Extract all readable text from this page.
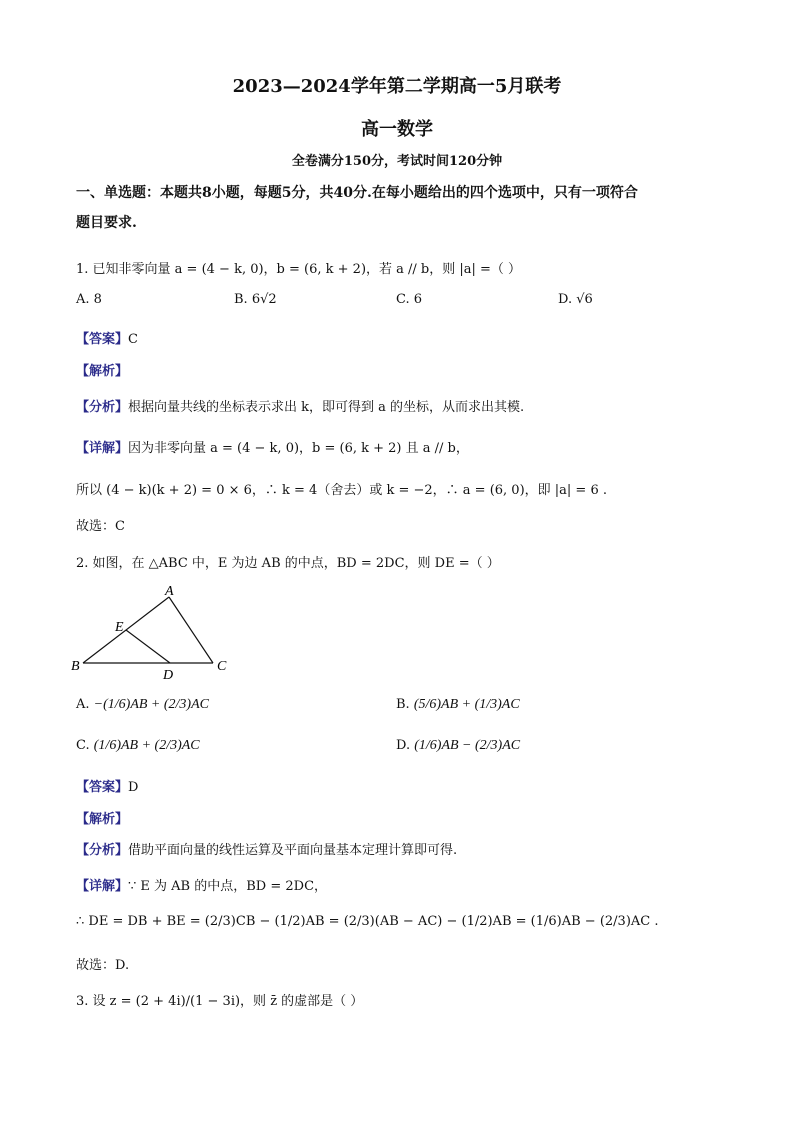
2023—2024学年第二学期高一5月联考
高一数学
全卷满分150分，考试时间120分钟
一、单选题：本题共8小题，每题5分，共40分.在每小题给出的四个选项中，只有一项符合
题目要求.
1. 已知非零向量 a = (4 − k, 0)，b = (6, k + 2)，若 a // b，则 |a| =（ ）
A. 8	B. 6√2	C. 6	D. √6
【答案】C
【解析】
【分析】根据向量共线的坐标表示求出 k，即可得到 a 的坐标，从而求出其模.
【详解】因为非零向量 a = (4 − k, 0)，b = (6, k + 2) 且 a // b，
所以 (4 − k)(k + 2) = 0 × 6，∴ k = 4（舍去）或 k = −2，∴ a = (6, 0)，即 |a| = 6 .
故选：C
2. 如图，在 △ABC 中，E 为边 AB 的中点，BD = 2DC，则 DE =（ ）
A
B	C
D
E
A. −(1/6)AB + (2/3)AC	B. (5/6)AB + (1/3)AC
C. (1/6)AB + (2/3)AC	D. (1/6)AB − (2/3)AC
【答案】D
【解析】
【分析】借助平面向量的线性运算及平面向量基本定理计算即可得.
【详解】∵ E 为 AB 的中点，BD = 2DC，
∴ DE = DB + BE = (2/3)CB − (1/2)AB = (2/3)(AB − AC) − (1/2)AB = (1/6)AB − (2/3)AC .
故选：D.
3. 设 z = (2 + 4i)/(1 − 3i)，则 z̄ 的虚部是（ ）
